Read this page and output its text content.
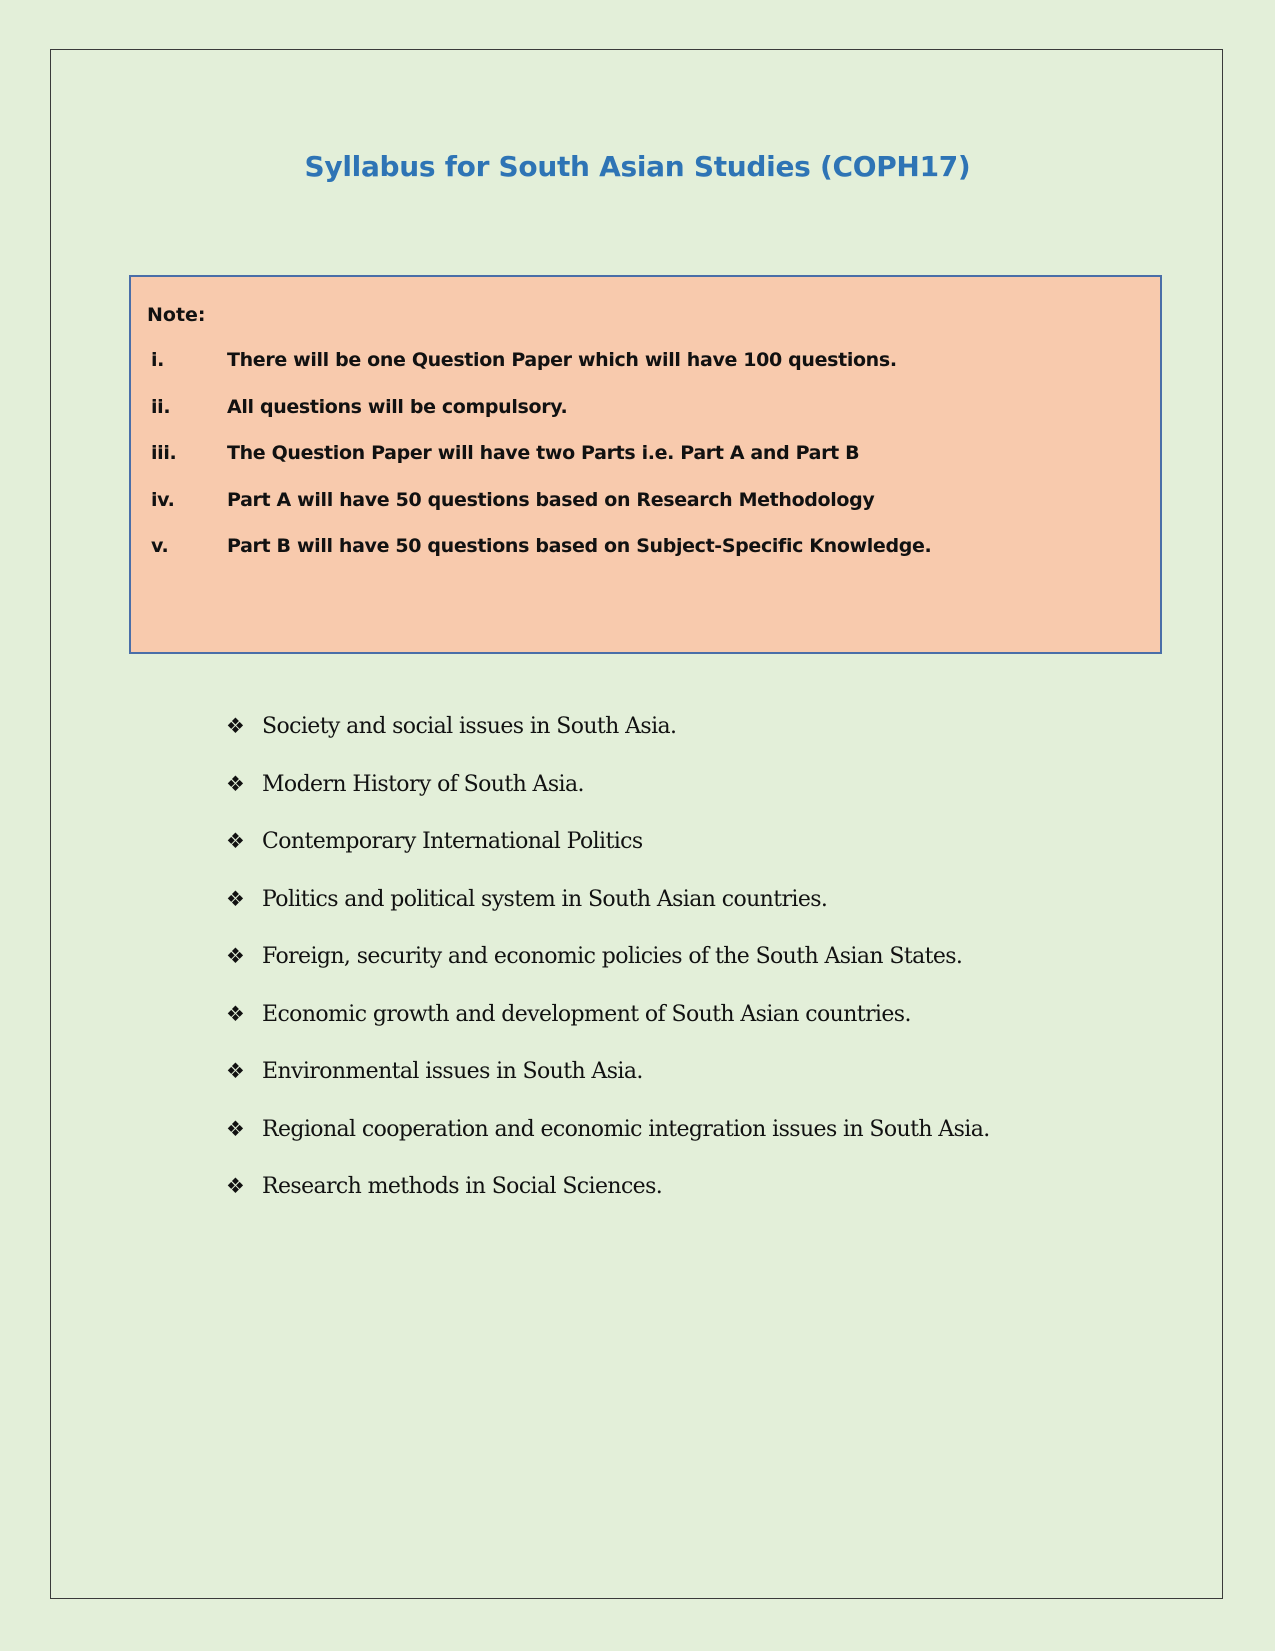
Syllabus for South Asian Studies (COPH17)

Note:

i.	There will be one Question Paper which will have 100 questions.
ii.	All questions will be compulsory.
iii.	The Question Paper will have two Parts i.e. Part A and Part B
iv.	Part A will have 50 questions based on Research Methodology
v.	Part B will have 50 questions based on Subject-Specific Knowledge.
❖ Society and social issues in South Asia.
❖ Modern History of South Asia.
❖ Contemporary International Politics
❖ Politics and political system in South Asian countries.
❖ Foreign, security and economic policies of the South Asian States.
❖ Economic growth and development of South Asian countries.
❖ Environmental issues in South Asia.
❖ Regional cooperation and economic integration issues in South Asia.
❖ Research methods in Social Sciences.
